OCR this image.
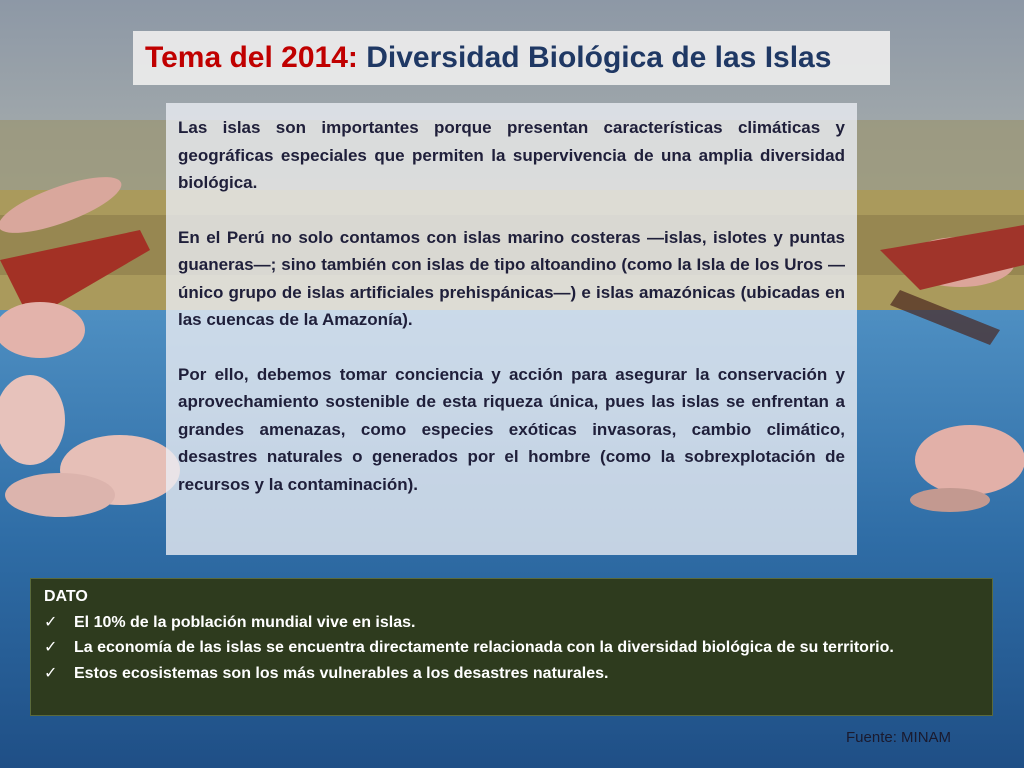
Tema del 2014:
Diversidad Biológica de las Islas

Las islas son importantes porque presentan características climáticas y geográficas especiales que permiten la supervivencia de una amplia diversidad biológica.

En el Perú no solo contamos con islas marino costeras —islas, islotes y puntas guaneras—; sino también con islas de tipo altoandino (como la Isla de los Uros —único grupo de islas artificiales prehispánicas—) e islas amazónicas (ubicadas en las cuencas de la Amazonía).

Por ello, debemos tomar conciencia y acción para asegurar la conservación y aprovechamiento sostenible de esta riqueza única, pues las islas se enfrentan a grandes amenazas, como especies exóticas invasoras, cambio climático, desastres naturales o generados por el hombre (como la sobrexplotación de recursos y la contaminación).

DATO
✓	El 10% de la población mundial vive en islas.
✓	La economía de las islas se encuentra directamente relacionada con la diversidad biológica de su territorio.
✓	Estos ecosistemas son los más vulnerables a los desastres naturales.
Fuente: MINAM
